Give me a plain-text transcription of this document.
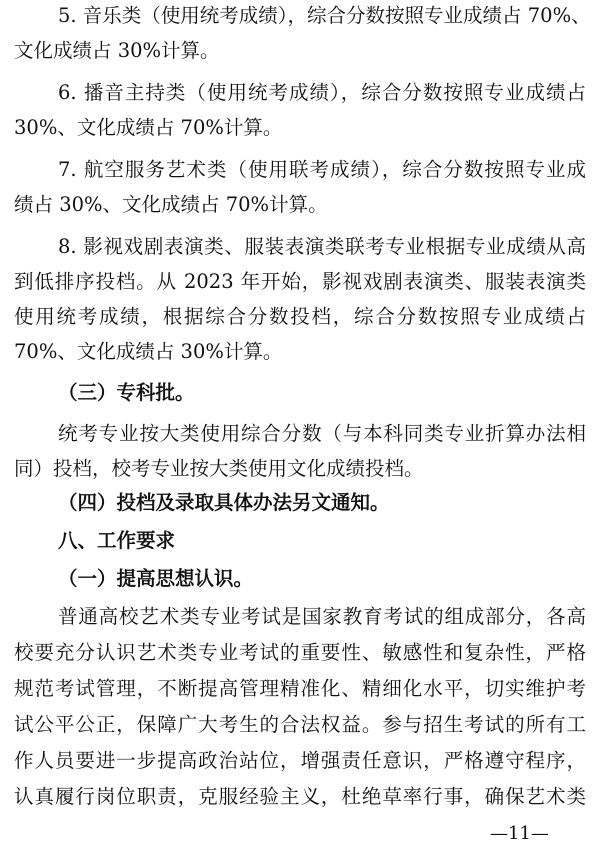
5. 音乐类（使用统考成绩），综合分数按照专业成绩占 70%、
文化成绩占 30%计算。
6. 播音主持类（使用统考成绩），综合分数按照专业成绩占
30%、文化成绩占 70%计算。
7. 航空服务艺术类（使用联考成绩），综合分数按照专业成
绩占 30%、文化成绩占 70%计算。
8. 影视戏剧表演类、服装表演类联考专业根据专业成绩从高
到低排序投档。从 2023 年开始，影视戏剧表演类、服装表演类
使用统考成绩，根据综合分数投档，综合分数按照专业成绩占
70%、文化成绩占 30%计算。
（三）专科批。
统考专业按大类使用综合分数（与本科同类专业折算办法相
同）投档，校考专业按大类使用文化成绩投档。
（四）投档及录取具体办法另文通知。
八、工作要求
（一）提高思想认识。
普通高校艺术类专业考试是国家教育考试的组成部分，各高
校要充分认识艺术类专业考试的重要性、敏感性和复杂性，严格
规范考试管理，不断提高管理精准化、精细化水平，切实维护考
试公平公正，保障广大考生的合法权益。参与招生考试的所有工
作人员要进一步提高政治站位，增强责任意识，严格遵守程序，
认真履行岗位职责，克服经验主义，杜绝草率行事，确保艺术类
—11—
